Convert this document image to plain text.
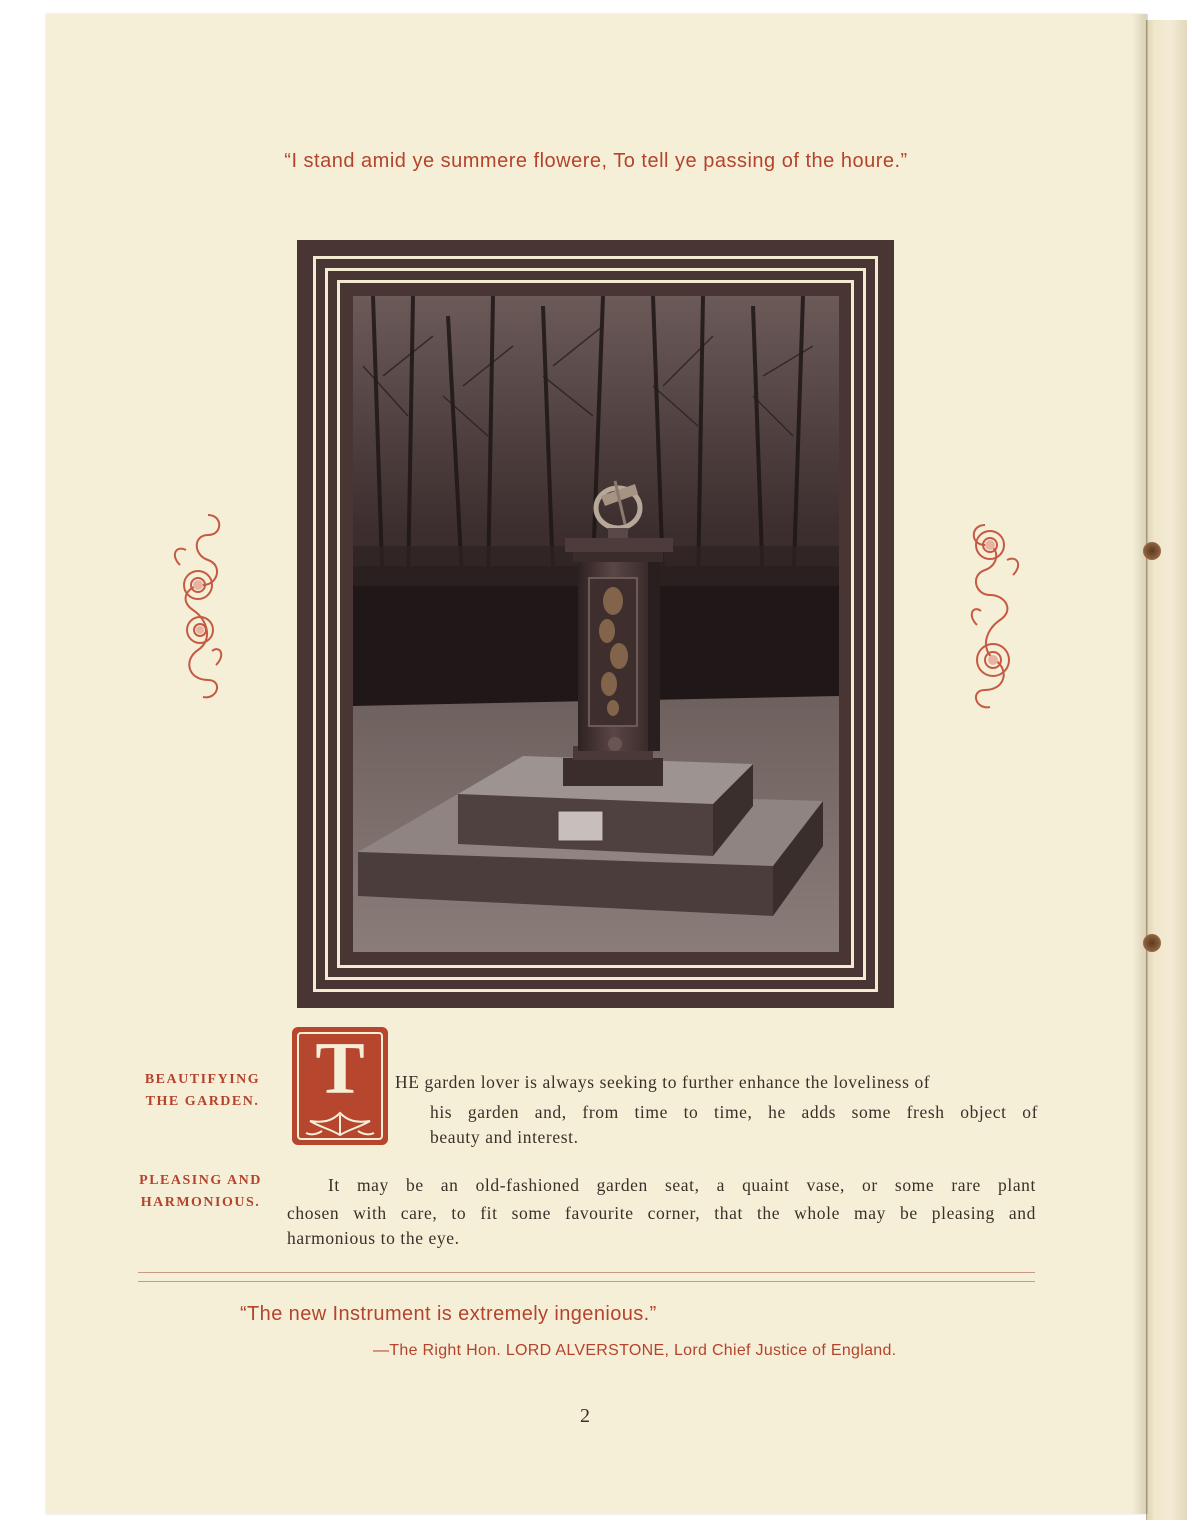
“I stand amid ye summere flowere, To tell ye passing of the houre.”
T
BEAUTIFYING
THE GARDEN.
PLEASING AND
HARMONIOUS.
HE garden lover is always seeking to further enhance the loveliness of
his garden and, from time to time, he adds some fresh object of
beauty and interest.
It may be an old-fashioned garden seat, a quaint vase, or some rare plant
chosen with care, to fit some favourite corner, that the whole may be pleasing and
harmonious to the eye.
“The new Instrument is extremely ingenious.”
—The Right Hon. LORD ALVERSTONE, Lord Chief Justice of England.
2
